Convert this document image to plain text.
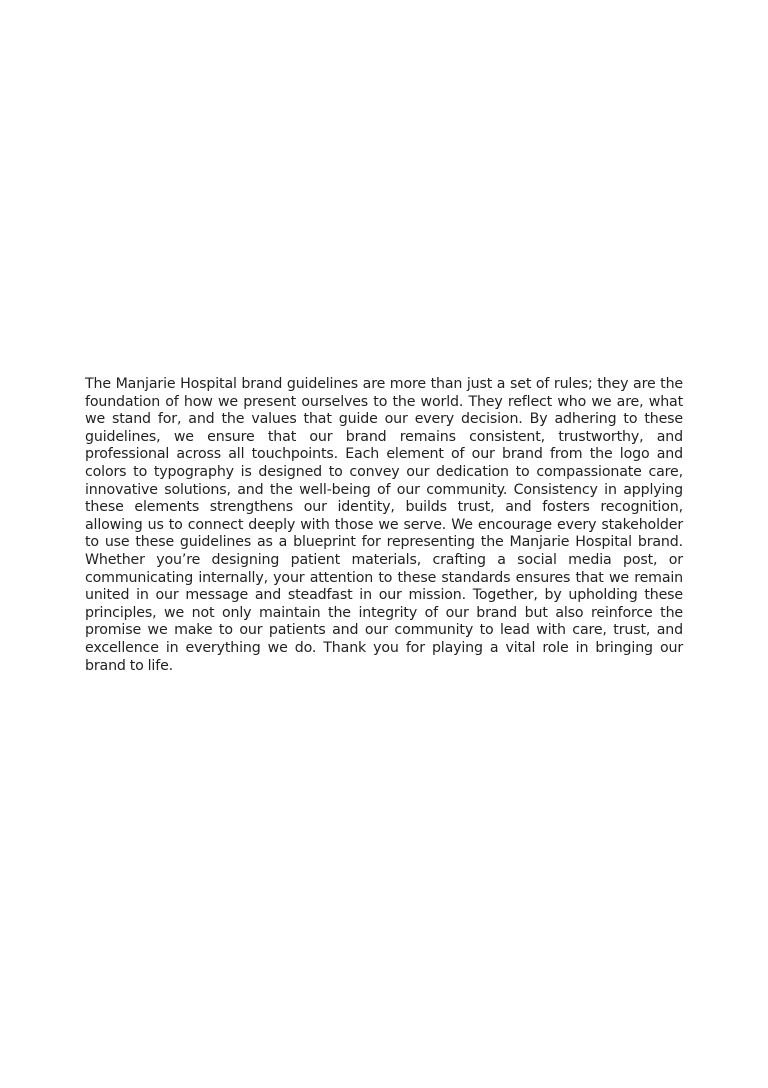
The Manjarie Hospital brand guidelines are more than just a set of rules; they are the foundation of how we present ourselves to the world. They reflect who we are, what we stand for, and the values that guide our every decision. By adhering to these guidelines, we ensure that our brand remains consistent, trustworthy, and professional across all touchpoints. Each element of our brand from the logo and colors to typography is designed to convey our dedication to compassionate care, innovative solutions, and the well-being of our community. Consistency in applying these elements strengthens our identity, builds trust, and fosters recognition, allowing us to connect deeply with those we serve. We encourage every stakeholder to use these guidelines as a blueprint for representing the Manjarie Hospital brand. Whether you’re designing patient materials, crafting a social media post, or communicating internally, your attention to these standards ensures that we remain united in our message and steadfast in our mission. Together, by upholding these principles, we not only maintain the integrity of our brand but also reinforce the promise we make to our patients and our community to lead with care, trust, and excellence in everything we do. Thank you for playing a vital role in bringing our brand to life.
